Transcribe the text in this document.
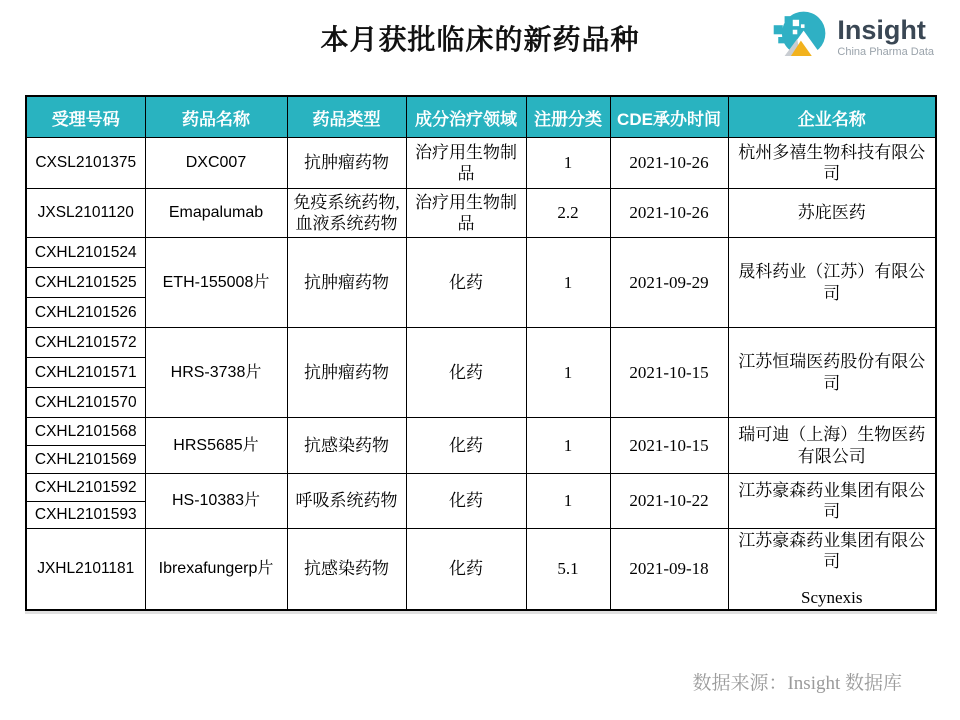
本月获批临床的新药品种	Insight
China Pharma Data
受理号码	药品名称	药品类型	成分治疗领域	注册分类	CDE承办时间	企业名称
CXSL2101375	DXC007	抗肿瘤药物	治疗用生物制品	1	2021-10-26	杭州多禧生物科技有限公司

JXSL2101120	Emapalumab	免疫系统药物,血液系统药物	治疗用生物制品	2.2	2021-10-26	苏庇医药

CXHL2101524	ETH-155008片	抗肿瘤药物	化药	1	2021-09-29	晟科药业（江苏）有限公司

CXHL2101525						
CXHL2101526						
CXHL2101572	HRS-3738片	抗肿瘤药物	化药	1	2021-10-15	江苏恒瑞医药股份有限公司

CXHL2101571						
CXHL2101570						
CXHL2101568	HRS5685片	抗感染药物	化药	1	2021-10-15	瑞可迪（上海）生物医药有限公司

CXHL2101569						
CXHL2101592	HS-10383片	呼吸系统药物	化药	1	2021-10-22	江苏豪森药业集团有限公司

CXHL2101593						
JXHL2101181	Ibrexafungerp片	抗感染药物	化药	5.1	2021-09-18	江苏豪森药业集团有限公司
Scynexis
数据来源：Insight 数据库
